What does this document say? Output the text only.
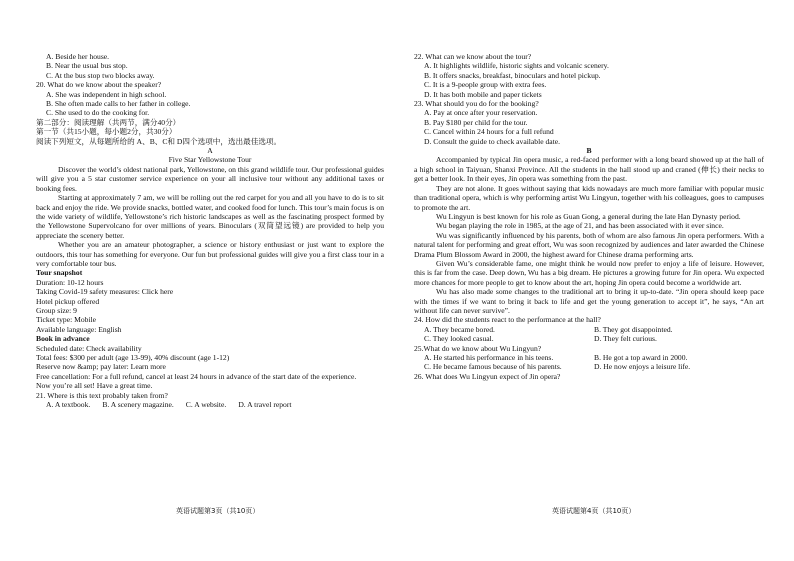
A. Beside her house.
B. Near the usual bus stop.
C. At the bus stop two blocks away.
20. What do we know about the speaker?
A. She was independent in high school.
B. She often made calls to her father in college.
C. She used to do the cooking for.
第二部分：阅读理解（共两节，满分40分）
第一节（共15小题，每小题2分，共30分）
阅读下列短文，从每题所给的 A、B、C和 D四个选项中，选出最佳选项。
A
Five Star Yellowstone Tour
Discover the world’s oldest national park, Yellowstone, on this grand wildlife tour. Our professional guides will give you a 5 star customer service experience on your all inclusive tour without any additional taxes or booking fees.
Starting at approximately 7 am, we will be rolling out the red carpet for you and all you have to do is to sit back and enjoy the ride. We provide snacks, bottled water, and cooked food for lunch. This tour’s main focus is on the wide variety of wildlife, Yellowstone’s rich historic landscapes as well as the fascinating prospect formed by the Yellowstone Supervolcano for over millions of years. Binoculars (双筒望远镜) are provided to help you appreciate the scenery better.
Whether you are an amateur photographer, a science or history enthusiast or just want to explore the outdoors, this tour has something for everyone. Our fun but professional guides will give you a first class tour in a very comfortable tour bus.
Tour snapshot
Duration: 10-12 hours
Taking Covid-19 safety measures: Click here
Hotel pickup offered
Group size: 9
Ticket type: Mobile
Available language: English
Book in advance
Scheduled date: Check availability
Total fees: $300 per adult (age 13-99), 40% discount (age 1-12)
Reserve now &amp; pay later: Learn more
Free cancellation: For a full refund, cancel at least 24 hours in advance of the start date of the experience.
Now you’re all set! Have a great time.
21. Where is this text probably taken from?
A. A textbook. B. A scenery magazine. C. A website. D. A travel report
22. What can we know about the tour?
A. It highlights wildlife, historic sights and volcanic scenery.
B. It offers snacks, breakfast, binoculars and hotel pickup.
C. It is a 9-people group with extra fees.
D. It has both mobile and paper tickets
23. What should you do for the booking?
A. Pay at once after your reservation.
B. Pay $180 per child for the tour.
C. Cancel within 24 hours for a full refund
D. Consult the guide to check available date.
B
Accompanied by typical Jin opera music, a red-faced performer with a long beard showed up at the hall of a high school in Taiyuan, Shanxi Province. All the students in the hall stood up and craned (伸长) their necks to get a better look. In their eyes, Jin opera was something from the past.
They are not alone. It goes without saying that kids nowadays are much more familiar with popular music than traditional opera, which is why performing artist Wu Lingyun, together with his colleagues, goes to campuses to promote the art.
Wu Lingyun is best known for his role as Guan Gong, a general during the late Han Dynasty period.
Wu began playing the role in 1985, at the age of 21, and has been associated with it ever since.
Wu was significantly influenced by his parents, both of whom are also famous Jin opera performers. With a natural talent for performing and great effort, Wu was soon recognized by audiences and later awarded the Chinese Drama Plum Blossom Award in 2000, the highest award for Chinese drama performing arts.
Given Wu’s considerable fame, one might think he would now prefer to enjoy a life of leisure. However, this is far from the case. Deep down, Wu has a big dream. He pictures a growing future for Jin opera. Wu expected more chances for more people to get to know about the art, hoping Jin opera could become a worldwide art.
Wu has also made some changes to the traditional art to bring it up-to-date. “Jin opera should keep pace with the times if we want to bring it back to life and get the young generation to accept it”, he says, “An art without life can never survive”.
24. How did the students react to the performance at the hall?
A. They became bored.	B. They got disappointed.
C. They looked casual.	D. They felt curious.
25.What do we know about Wu Lingyun?
A. He started his performance in his teens.	B. He got a top award in 2000.
C. He became famous because of his parents.	D. He now enjoys a leisure life.
26. What does Wu Lingyun expect of Jin opera?
英语试题第3页（共10页）	英语试题第4页（共10页）
